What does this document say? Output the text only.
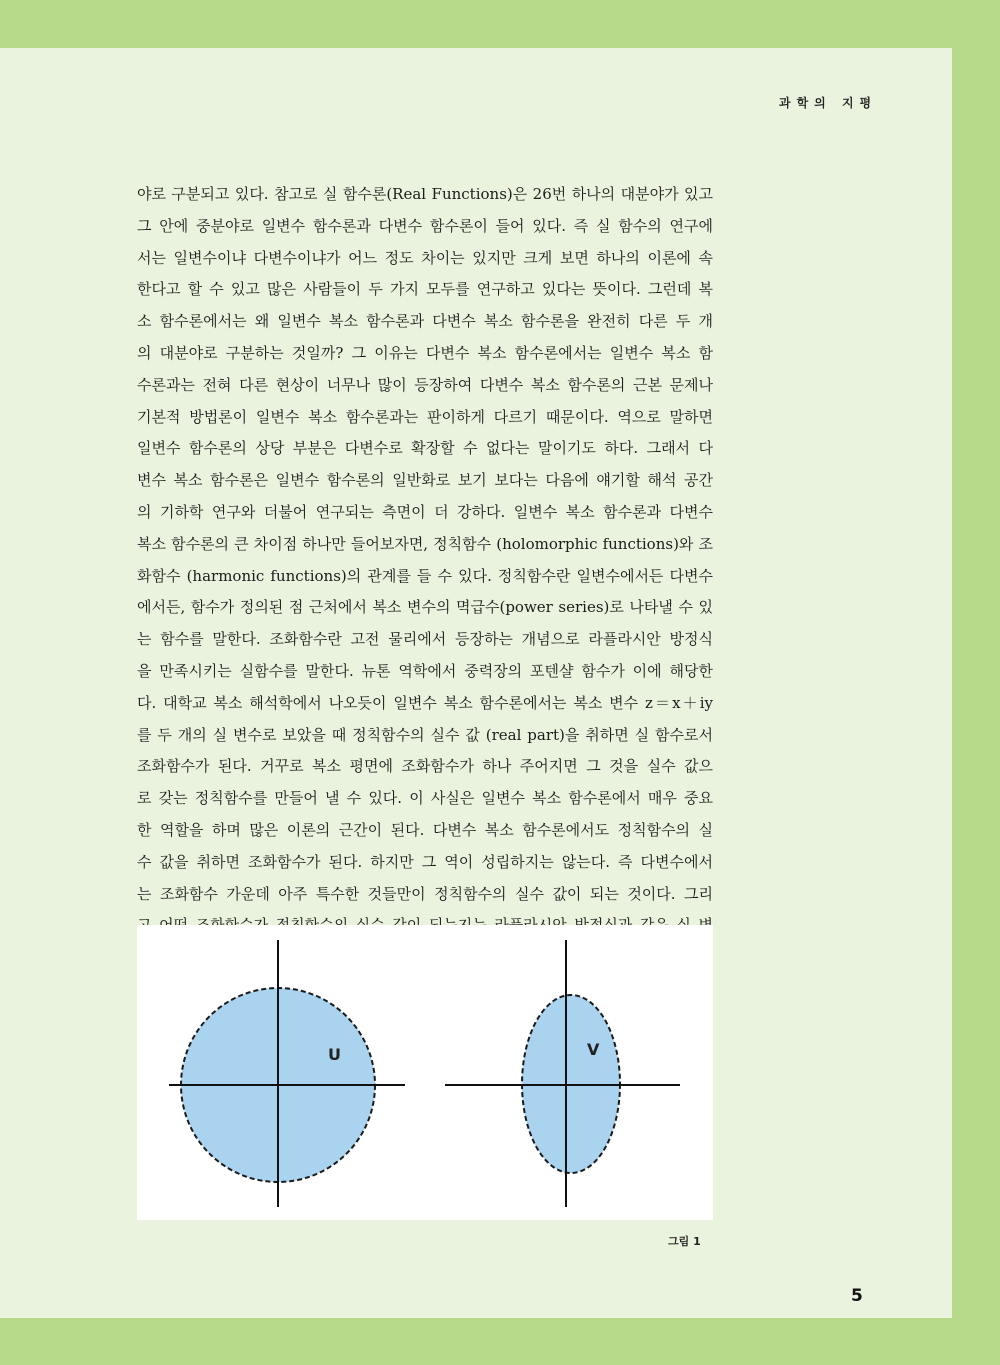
과학의 지평
야로 구분되고 있다. 참고로 실 함수론(Real Functions)은 26번 하나의 대분야가 있고
그 안에 중분야로 일변수 함수론과 다변수 함수론이 들어 있다. 즉 실 함수의 연구에
서는 일변수이냐 다변수이냐가 어느 정도 차이는 있지만 크게 보면 하나의 이론에 속
한다고 할 수 있고 많은 사람들이 두 가지 모두를 연구하고 있다는 뜻이다. 그런데 복
소 함수론에서는 왜 일변수 복소 함수론과 다변수 복소 함수론을 완전히 다른 두 개
의 대분야로 구분하는 것일까? 그 이유는 다변수 복소 함수론에서는 일변수 복소 함
수론과는 전혀 다른 현상이 너무나 많이 등장하여 다변수 복소 함수론의 근본 문제나
기본적 방법론이 일변수 복소 함수론과는 판이하게 다르기 때문이다. 역으로 말하면
일변수 함수론의 상당 부분은 다변수로 확장할 수 없다는 말이기도 하다. 그래서 다
변수 복소 함수론은 일변수 함수론의 일반화로 보기 보다는 다음에 얘기할 해석 공간
의 기하학 연구와 더불어 연구되는 측면이 더 강하다. 일변수 복소 함수론과 다변수
복소 함수론의 큰 차이점 하나만 들어보자면, 정칙함수 (holomorphic functions)와 조
화함수 (harmonic functions)의 관계를 들 수 있다. 정칙함수란 일변수에서든 다변수
에서든, 함수가 정의된 점 근처에서 복소 변수의 멱급수(power series)로 나타낼 수 있
는 함수를 말한다. 조화함수란 고전 물리에서 등장하는 개념으로 라플라시안 방정식
을 만족시키는 실함수를 말한다. 뉴톤 역학에서 중력장의 포텐샬 함수가 이에 해당한
다. 대학교 복소 해석학에서 나오듯이 일변수 복소 함수론에서는 복소 변수 z＝x＋iy
를 두 개의 실 변수로 보았을 때 정칙함수의 실수 값 (real part)을 취하면 실 함수로서
조화함수가 된다. 거꾸로 복소 평면에 조화함수가 하나 주어지면 그 것을 실수 값으
로 갖는 정칙함수를 만들어 낼 수 있다. 이 사실은 일변수 복소 함수론에서 매우 중요
한 역할을 하며 많은 이론의 근간이 된다. 다변수 복소 함수론에서도 정칙함수의 실
수 값을 취하면 조화함수가 된다. 하지만 그 역이 성립하지는 않는다. 즉 다변수에서
는 조화함수 가운데 아주 특수한 것들만이 정칙함수의 실수 값이 되는 것이다. 그리
U	V
그림 1
5
